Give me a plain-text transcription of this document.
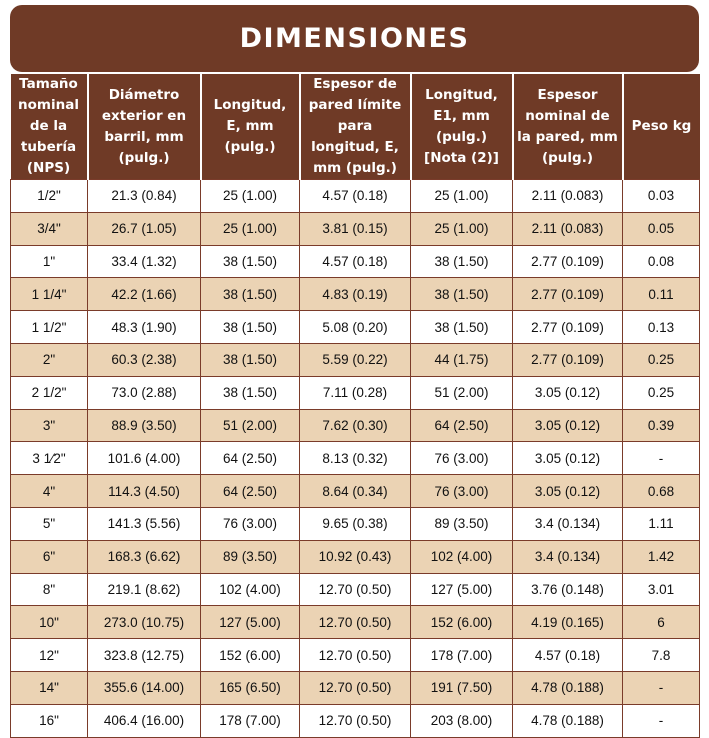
DIMENSIONES
Tamaño nominal de la tubería (NPS)	Diámetro exterior en barril, mm (pulg.)	Longitud, E, mm (pulg.)	Espesor de pared límite para longitud, E, mm (pulg.)	Longitud, E1, mm (pulg.) [Nota (2)]	Espesor nominal de la pared, mm (pulg.)	Peso kg
1/2"	21.3 (0.84)	25 (1.00)	4.57 (0.18)	25 (1.00)	2.11 (0.083)	0.03
3/4"	26.7 (1.05)	25 (1.00)	3.81 (0.15)	25 (1.00)	2.11 (0.083)	0.05
1"	33.4 (1.32)	38 (1.50)	4.57 (0.18)	38 (1.50)	2.77 (0.109)	0.08
1 1/4"	42.2 (1.66)	38 (1.50)	4.83 (0.19)	38 (1.50)	2.77 (0.109)	0.11
1 1/2"	48.3 (1.90)	38 (1.50)	5.08 (0.20)	38 (1.50)	2.77 (0.109)	0.13
2"	60.3 (2.38)	38 (1.50)	5.59 (0.22)	44 (1.75)	2.77 (0.109)	0.25
2 1/2"	73.0 (2.88)	38 (1.50)	7.11 (0.28)	51 (2.00)	3.05 (0.12)	0.25
3"	88.9 (3.50)	51 (2.00)	7.62 (0.30)	64 (2.50)	3.05 (0.12)	0.39
3 1⁄2"	101.6 (4.00)	64 (2.50)	8.13 (0.32)	76 (3.00)	3.05 (0.12)	-
4"	114.3 (4.50)	64 (2.50)	8.64 (0.34)	76 (3.00)	3.05 (0.12)	0.68
5"	141.3 (5.56)	76 (3.00)	9.65 (0.38)	89 (3.50)	3.4 (0.134)	1.11
6"	168.3 (6.62)	89 (3.50)	10.92 (0.43)	102 (4.00)	3.4 (0.134)	1.42
8"	219.1 (8.62)	102 (4.00)	12.70 (0.50)	127 (5.00)	3.76 (0.148)	3.01
10"	273.0 (10.75)	127 (5.00)	12.70 (0.50)	152 (6.00)	4.19 (0.165)	6
12"	323.8 (12.75)	152 (6.00)	12.70 (0.50)	178 (7.00)	4.57 (0.18)	7.8
14"	355.6 (14.00)	165 (6.50)	12.70 (0.50)	191 (7.50)	4.78 (0.188)	-
16"	406.4 (16.00)	178 (7.00)	12.70 (0.50)	203 (8.00)	4.78 (0.188)	-
